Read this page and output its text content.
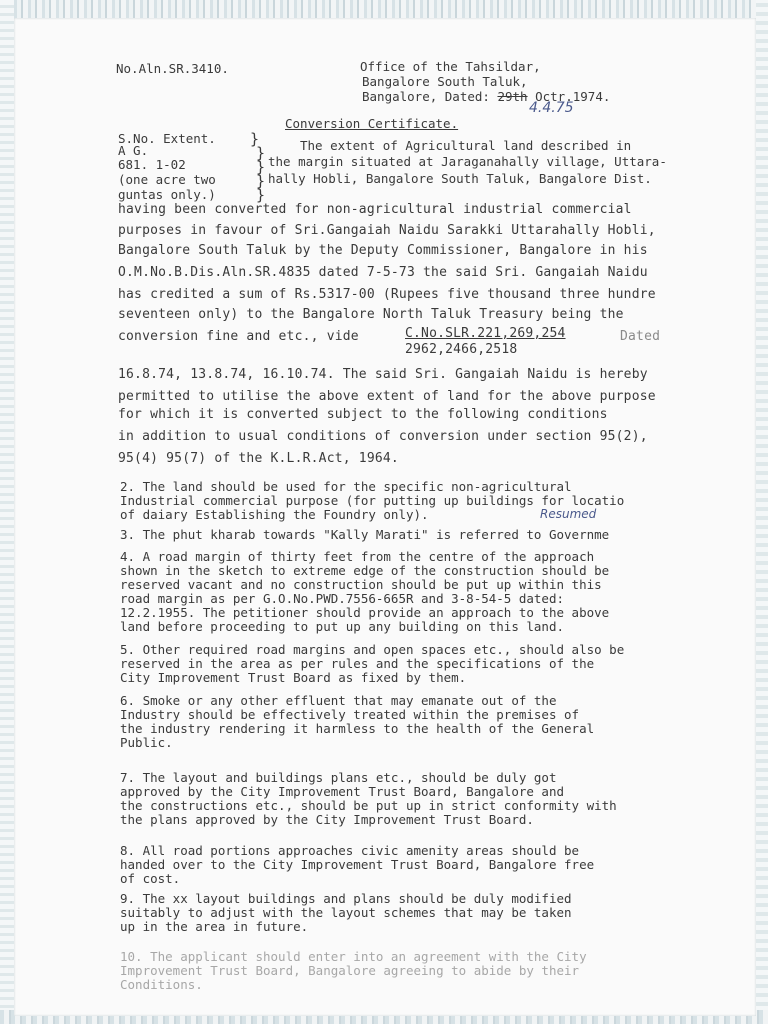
No.Aln.SR.3410.	Office of the Tahsildar,
Bangalore South Taluk,
Bangalore, Dated: 29th Octr.1974.
4.4.75
Conversion Certificate.
S.No. Extent.
A G.
681. 1-02
(one acre two
guntas only.)
}
}
}
}
}
The extent of Agricultural land described in
the margin situated at Jaraganahally village, Uttara-
hally Hobli, Bangalore South Taluk, Bangalore Dist.
having been converted for non-agricultural industrial commercial
purposes in favour of Sri.Gangaiah Naidu Sarakki Uttarahally Hobli,
Bangalore South Taluk by the Deputy Commissioner, Bangalore in his
O.M.No.B.Dis.Aln.SR.4835 dated 7-5-73 the said Sri. Gangaiah Naidu
has credited a sum of Rs.5317-00 (Rupees five thousand three hundre
seventeen only) to the Bangalore North Taluk Treasury being the
conversion fine and etc., vide	C.No.SLR.221,269,254
2962,2466,2518
Dated
16.8.74, 13.8.74, 16.10.74. The said Sri. Gangaiah Naidu is hereby
permitted to utilise the above extent of land for the above purpose
for which it is converted subject to the following conditions
in addition to usual conditions of conversion under section 95(2),
95(4) 95(7) of the K.L.R.Act, 1964.
2. The land should be used for the specific non-agricultural
Industrial commercial purpose (for putting up buildings for locatio
of daiary Establishing the Foundry only).
3. The phut kharab towards "Kally Marati" is referred to Governme
Resumed
4. A road margin of thirty feet from the centre of the approach
shown in the sketch to extreme edge of the construction should be
reserved vacant and no construction should be put up within this
road margin as per G.O.No.PWD.7556-665R and 3-8-54-5 dated:
12.2.1955. The petitioner should provide an approach to the above
land before proceeding to put up any building on this land.
5. Other required road margins and open spaces etc., should also be
reserved in the area as per rules and the specifications of the
City Improvement Trust Board as fixed by them.
6. Smoke or any other effluent that may emanate out of the
Industry should be effectively treated within the premises of
the industry rendering it harmless to the health of the General
Public.
7. The layout and buildings plans etc., should be duly got
approved by the City Improvement Trust Board, Bangalore and
the constructions etc., should be put up in strict conformity with
the plans approved by the City Improvement Trust Board.
8. All road portions approaches civic amenity areas should be
handed over to the City Improvement Trust Board, Bangalore free
of cost.
9. The xx layout buildings and plans should be duly modified
suitably to adjust with the layout schemes that may be taken
up in the area in future.
10. The applicant should enter into an agreement with the City
Improvement Trust Board, Bangalore agreeing to abide by their
Conditions.
